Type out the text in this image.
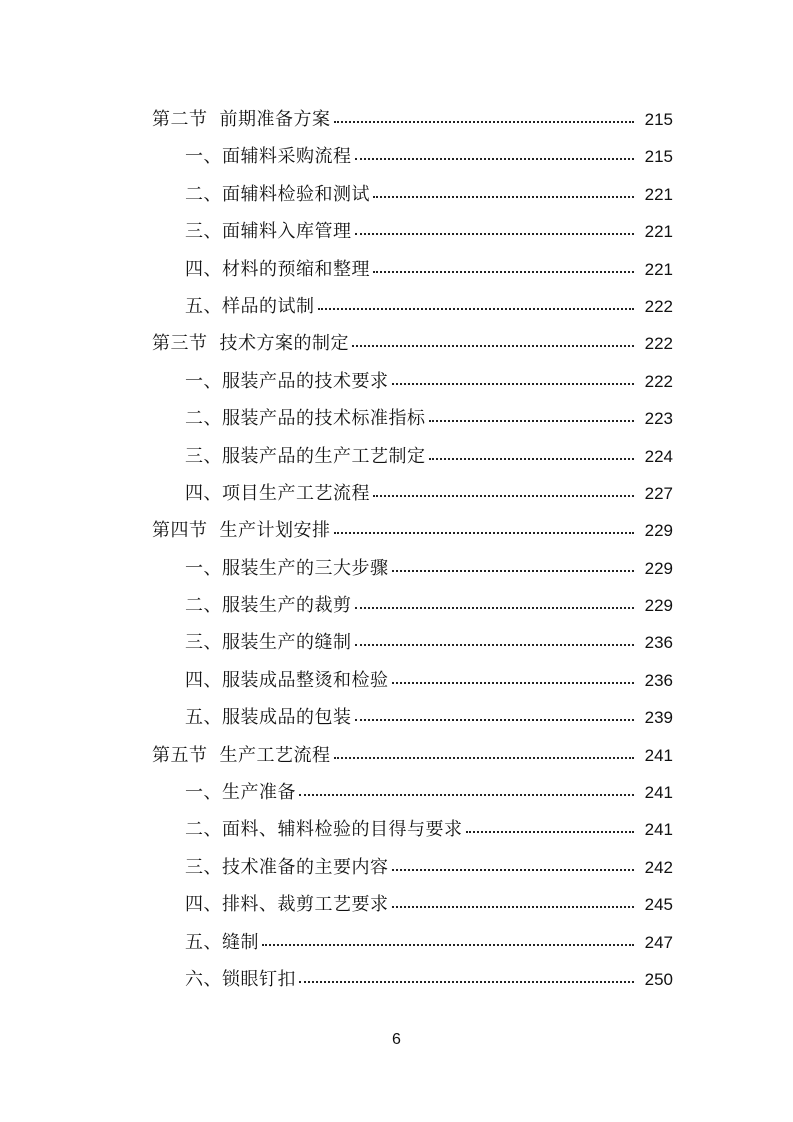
第二节 前期准备方案	215
一、面辅料采购流程	215
二、面辅料检验和测试	221
三、面辅料入库管理	221
四、材料的预缩和整理	221
五、样品的试制	222
第三节 技术方案的制定	222
一、服装产品的技术要求	222
二、服装产品的技术标准指标	223
三、服装产品的生产工艺制定	224
四、项目生产工艺流程	227
第四节 生产计划安排	229
一、服装生产的三大步骤	229
二、服装生产的裁剪	229
三、服装生产的缝制	236
四、服装成品整烫和检验	236
五、服装成品的包装	239
第五节 生产工艺流程	241
一、生产准备	241
二、面料、辅料检验的目得与要求	241
三、技术准备的主要内容	242
四、排料、裁剪工艺要求	245
五、缝制	247
六、锁眼钉扣	250
6
